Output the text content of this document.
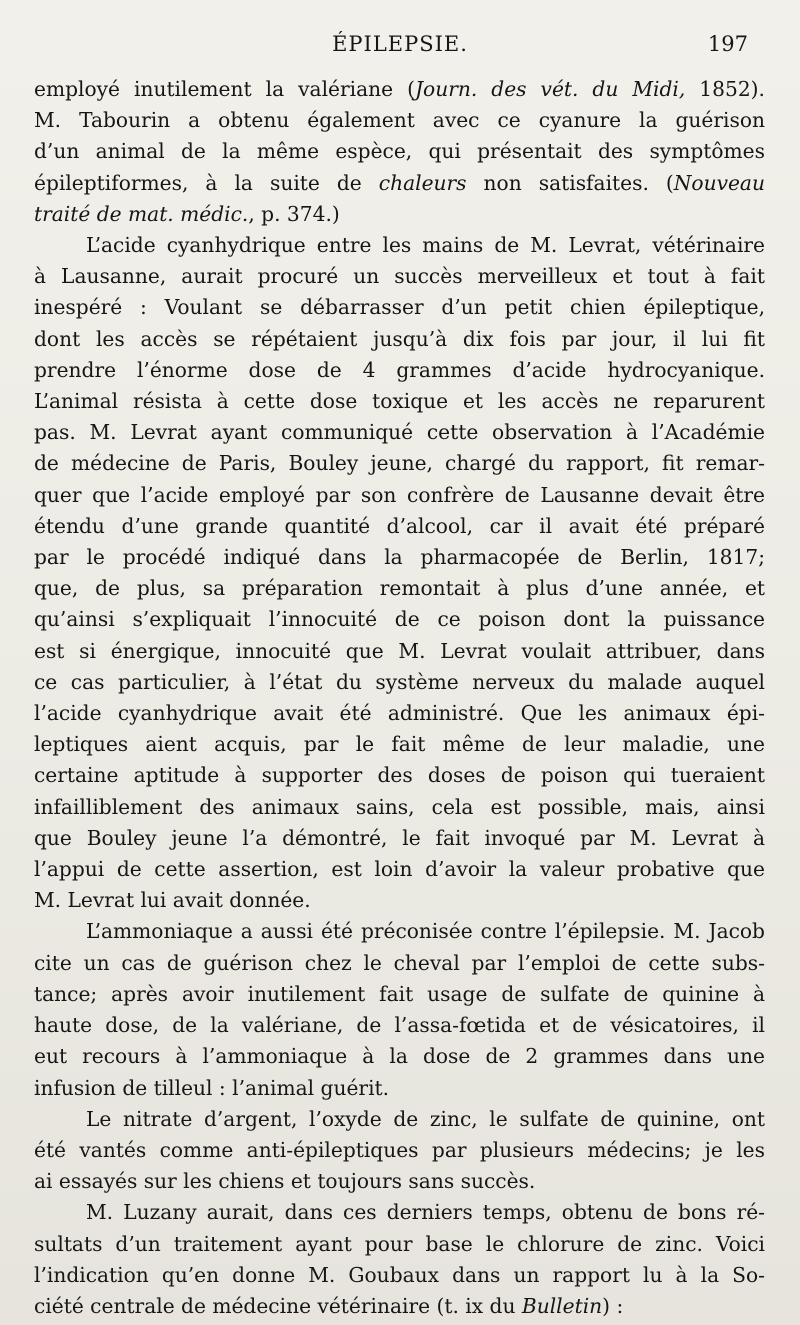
ÉPILEPSIE.	197
employé inutilement la valériane (Journ. des vét. du Midi, 1852).
M. Tabourin a obtenu également avec ce cyanure la guérison
d’un animal de la même espèce, qui présentait des symptômes
épileptiformes, à la suite de chaleurs non satisfaites. (Nouveau
traité de mat. médic., p. 374.)
L’acide cyanhydrique entre les mains de M. Levrat, vétérinaire
à Lausanne, aurait procuré un succès merveilleux et tout à fait
inespéré : Voulant se débarrasser d’un petit chien épileptique,
dont les accès se répétaient jusqu’à dix fois par jour, il lui fit
prendre l’énorme dose de 4 grammes d’acide hydrocyanique.
L’animal résista à cette dose toxique et les accès ne reparurent
pas. M. Levrat ayant communiqué cette observation à l’Académie
de médecine de Paris, Bouley jeune, chargé du rapport, fit remar-
quer que l’acide employé par son confrère de Lausanne devait être
étendu d’une grande quantité d’alcool, car il avait été préparé
par le procédé indiqué dans la pharmacopée de Berlin, 1817;
que, de plus, sa préparation remontait à plus d’une année, et
qu’ainsi s’expliquait l’innocuité de ce poison dont la puissance
est si énergique, innocuité que M. Levrat voulait attribuer, dans
ce cas particulier, à l’état du système nerveux du malade auquel
l’acide cyanhydrique avait été administré. Que les animaux épi-
leptiques aient acquis, par le fait même de leur maladie, une
certaine aptitude à supporter des doses de poison qui tueraient
infailliblement des animaux sains, cela est possible, mais, ainsi
que Bouley jeune l’a démontré, le fait invoqué par M. Levrat à
l’appui de cette assertion, est loin d’avoir la valeur probative que
M. Levrat lui avait donnée.
L’ammoniaque a aussi été préconisée contre l’épilepsie. M. Jacob
cite un cas de guérison chez le cheval par l’emploi de cette subs-
tance; après avoir inutilement fait usage de sulfate de quinine à
haute dose, de la valériane, de l’assa-fœtida et de vésicatoires, il
eut recours à l’ammoniaque à la dose de 2 grammes dans une
infusion de tilleul : l’animal guérit.
Le nitrate d’argent, l’oxyde de zinc, le sulfate de quinine, ont
été vantés comme anti-épileptiques par plusieurs médecins; je les
ai essayés sur les chiens et toujours sans succès.
M. Luzany aurait, dans ces derniers temps, obtenu de bons ré-
sultats d’un traitement ayant pour base le chlorure de zinc. Voici
l’indication qu’en donne M. Goubaux dans un rapport lu à la So-
ciété centrale de médecine vétérinaire (t. ix du Bulletin) :
